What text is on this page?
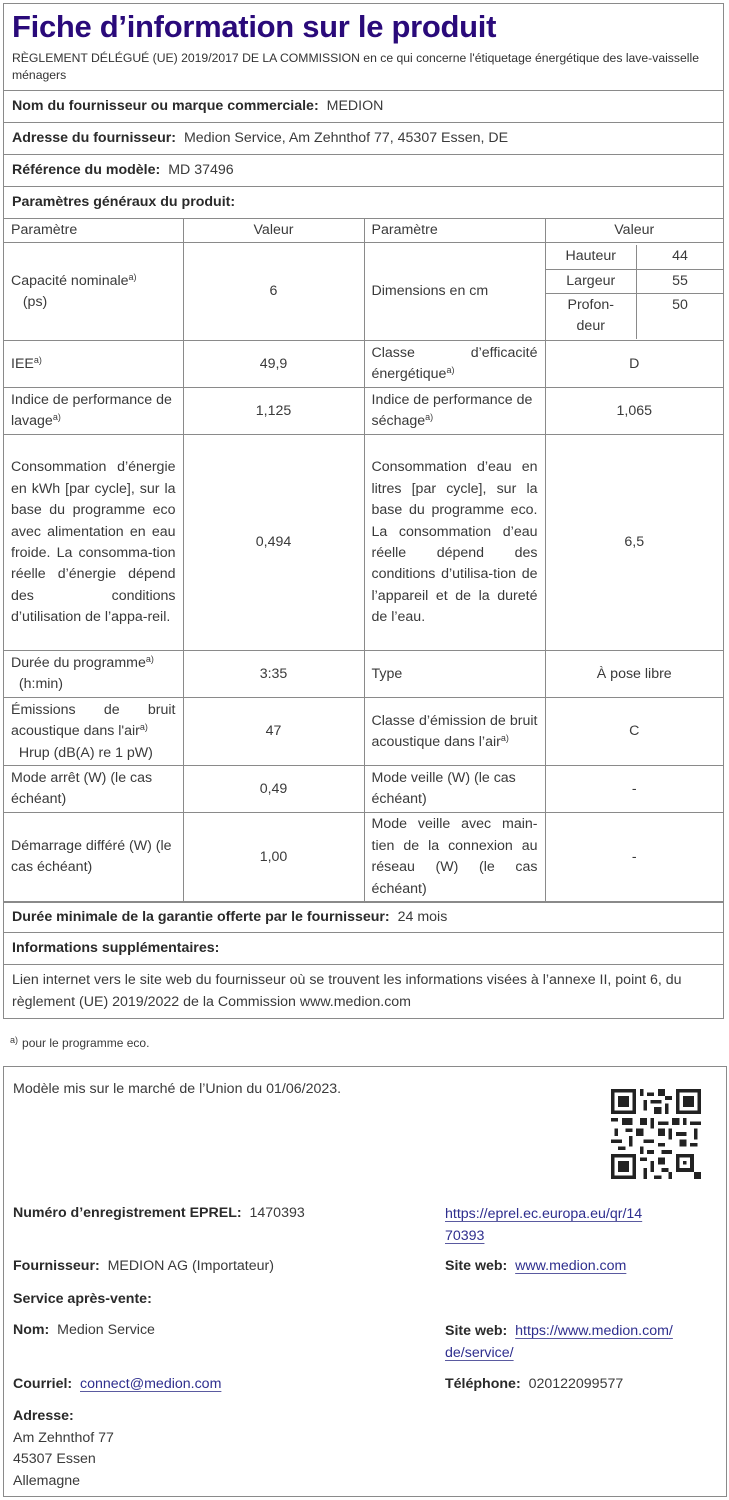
Fiche d’information sur le produit
RÈGLEMENT DÉLÉGUÉ (UE) 2019/2017 DE LA COMMISSION en ce qui concerne l'étiquetage énergétique des lave-vaisselle ménagers
Nom du fournisseur ou marque commerciale: MEDION
Adresse du fournisseur: Medion Service, Am Zehnthof 77, 45307 Essen, DE
Référence du modèle: MD 37496
Paramètres généraux du produit:
Paramètre	Valeur	Paramètre	Valeur
Capacité nominale$^{a)}$
(ps)	6	Dimensions en cm	
Hauteur	44
Largeur	55
Profon-
deur	50

IEE$^{a)}$	49,9	Classe d’efficacité énergétique$^{a)}$	D
Indice de performance de lavage$^{a)}$	1,125	Indice de performance de séchage$^{a)}$	1,065
Consommation d’énergie en kWh [par cycle], sur la base du programme eco avec alimentation en eau froide. La consomma-tion réelle d’énergie dépend des conditions d’utilisation de l’appa-reil.	0,494	Consommation d’eau en litres [par cycle], sur la base du programme eco. La consommation d’eau réelle dépend des conditions d’utilisa-tion de l’appareil et de la dureté de l’eau.	6,5
Durée du programme$^{a)}$
(h:min)	3:35	Type	À pose libre
Émissions de bruit acoustique dans l'air$^{a)}$
Hrup (dB(A) re 1 pW)	47	Classe d’émission de bruit acoustique dans l’air$^{a)}$	C
Mode arrêt (W) (le cas échéant)	0,49	Mode veille (W) (le cas échéant)	-
Démarrage différé (W) (le cas échéant)	1,00	Mode veille avec main-tien de la connexion au réseau (W) (le cas échéant)	-
Durée minimale de la garantie offerte par le fournisseur: 24 mois
Informations supplémentaires:
Lien internet vers le site web du fournisseur où se trouvent les informations visées à l’annexe II, point 6, du règlement (UE) 2019/2022 de la Commission www.medion.com
$^{a)}$ pour le programme eco.
Modèle mis sur le marché de l’Union du 01/06/2023.
Numéro d’enregistrement EPREL: 1470393	https://eprel.ec.europa.eu/qr/14
70393
Fournisseur: MEDION AG (Importateur)	Site web: www.medion.com
Service après-vente:
Nom: Medion Service	Site web: https://www.medion.com/
de/service/
Courriel: connect@medion.com	Téléphone: 020122099577
Adresse:
Am Zehnthof 77
45307 Essen
Allemagne
